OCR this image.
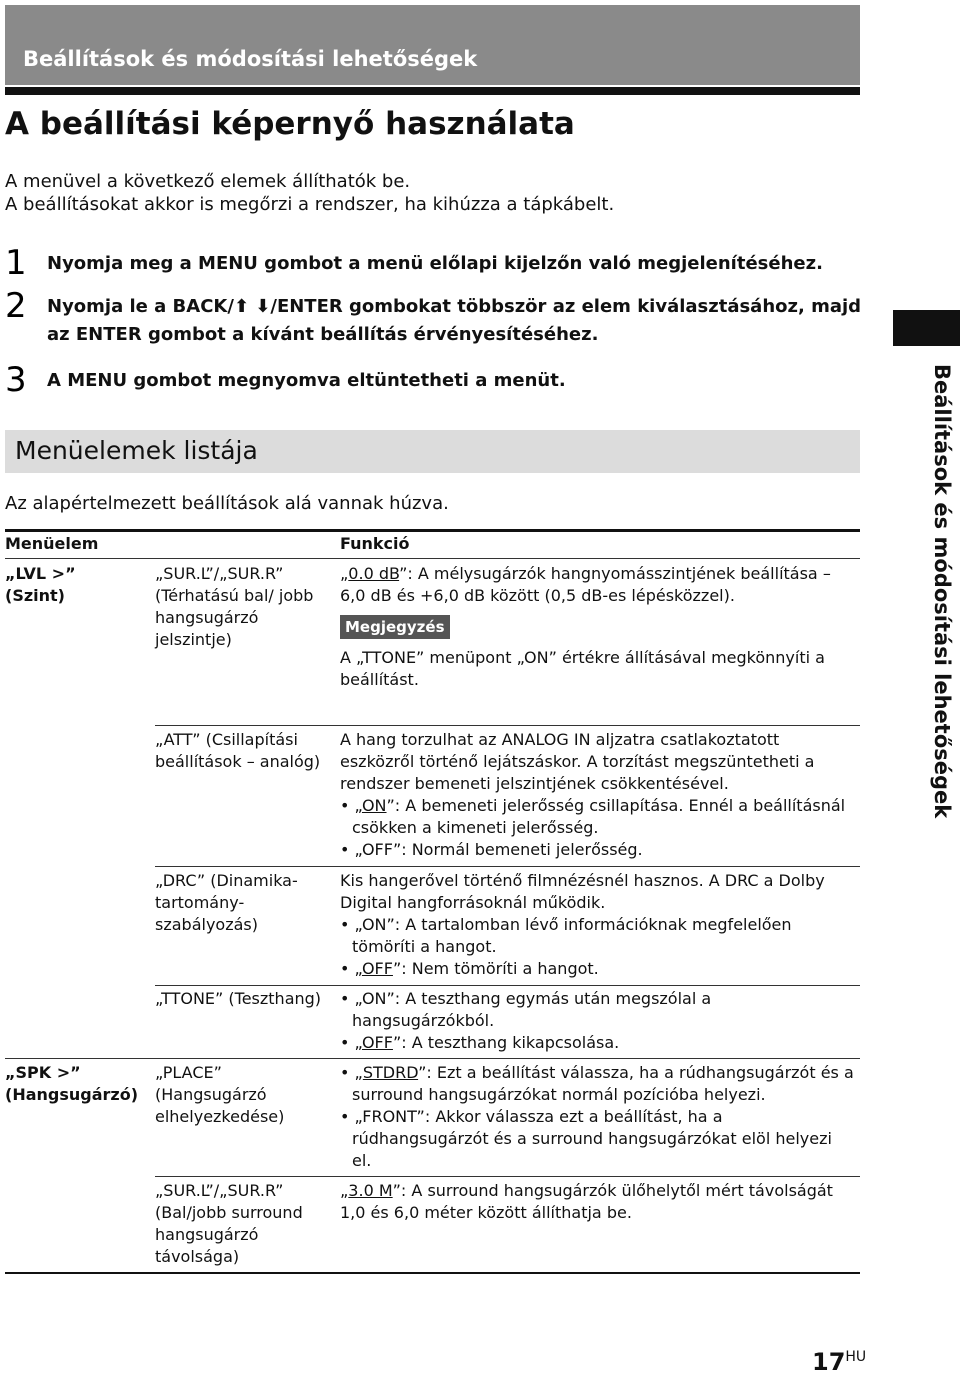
Beállítások és módosítási lehetőségek
A beállítási képernyő használata
A menüvel a következő elemek állíthatók be.
A beállításokat akkor is megőrzi a rendszer, ha kihúzza a tápkábelt.
1 Nyomja meg a MENU gombot a menü előlapi kijelzőn való megjelenítéséhez.
2 Nyomja le a BACK/⬆ ⬇/ENTER gombokat többször az elem kiválasztásához, majd az ENTER gombot a kívánt beállítás érvényesítéséhez.
3 A MENU gombot megnyomva eltüntetheti a menüt.
Menüelemek listája
Az alapértelmezett beállítások alá vannak húzva.
Menüelem	Funkció
„LVL >”
(Szint)
„SUR.L”/„SUR.R” (Térhatású bal/ jobb hangsugárzó jelszintje)
„0.0 dB”: A mélysugárzók hangnyomásszintjének beállítása –6,0 dB és +6,0 dB között (0,5 dB-es lépésközzel).
Megjegyzés
A „TTONE” menüpont „ON” értékre állításával megkönnyíti a beállítást.
„ATT” (Csillapítási beállítások – analóg)
A hang torzulhat az ANALOG IN aljzatra csatlakoztatott eszközről történő lejátszáskor. A torzítást megszüntetheti a rendszer bemeneti jelszintjének csökkentésével.
• „ON”: A bemeneti jelerősség csillapítása. Ennél a beállításnál csökken a kimeneti jelerősség.
• „OFF”: Normál bemeneti jelerősség.
„DRC” (Dinamika- tartomány- szabályozás)
Kis hangerővel történő filmnézésnél hasznos. A DRC a Dolby Digital hangforrásoknál működik.
• „ON”: A tartalomban lévő információknak megfelelően tömöríti a hangot.
• „OFF”: Nem tömöríti a hangot.
„TTONE” (Teszthang)	• „ON”: A teszthang egymás után megszólal a hangsugárzókból.
• „OFF”: A teszthang kikapcsolása.
„SPK >”
(Hangsugárzó)
„PLACE” (Hangsugárzó elhelyezkedése)
• „STDRD”: Ezt a beállítást válassza, ha a rúdhangsugárzót és a surround hangsugárzókat normál pozícióba helyezi.
• „FRONT”: Akkor válassza ezt a beállítást, ha a rúdhangsugárzót és a surround hangsugárzókat elöl helyezi el.
„SUR.L”/„SUR.R” (Bal/jobb surround hangsugárzó távolsága)
„3.0 M”: A surround hangsugárzók ülőhelytől mért távolságát 1,0 és 6,0 méter között állíthatja be.
Beállítások és módosítási lehetőségek
$17^{HU}$
